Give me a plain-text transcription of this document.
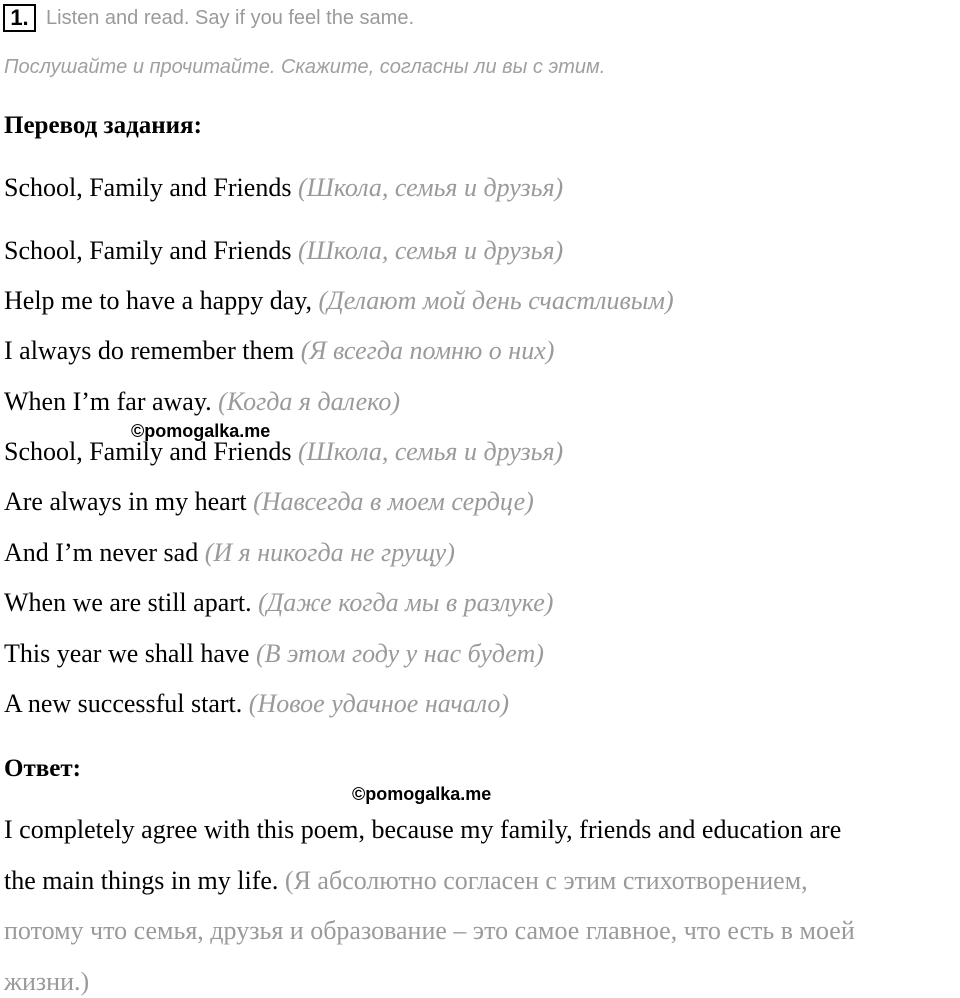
1. Listen and read. Say if you feel the same.
Послушайте и прочитайте. Скажите, согласны ли вы с этим.
Перевод задания:
School, Family and Friends (Школа, семья и друзья)
School, Family and Friends (Школа, семья и друзья)
Help me to have a happy day, (Делают мой день счастливым)
I always do remember them (Я всегда помню о них)
When I’m far away. (Когда я далеко)
©pomogalka.me
School, Family and Friends (Школа, семья и друзья)
Are always in my heart (Навсегда в моем сердце)
And I’m never sad (И я никогда не грущу)
When we are still apart. (Даже когда мы в разлуке)
This year we shall have (В этом году у нас будет)
A new successful start. (Новое удачное начало)
Ответ:
©pomogalka.me
I completely agree with this poem, because my family, friends and education are
the main things in my life. (Я абсолютно согласен с этим стихотворением,
потому что семья, друзья и образование – это самое главное, что есть в моей
жизни.)
